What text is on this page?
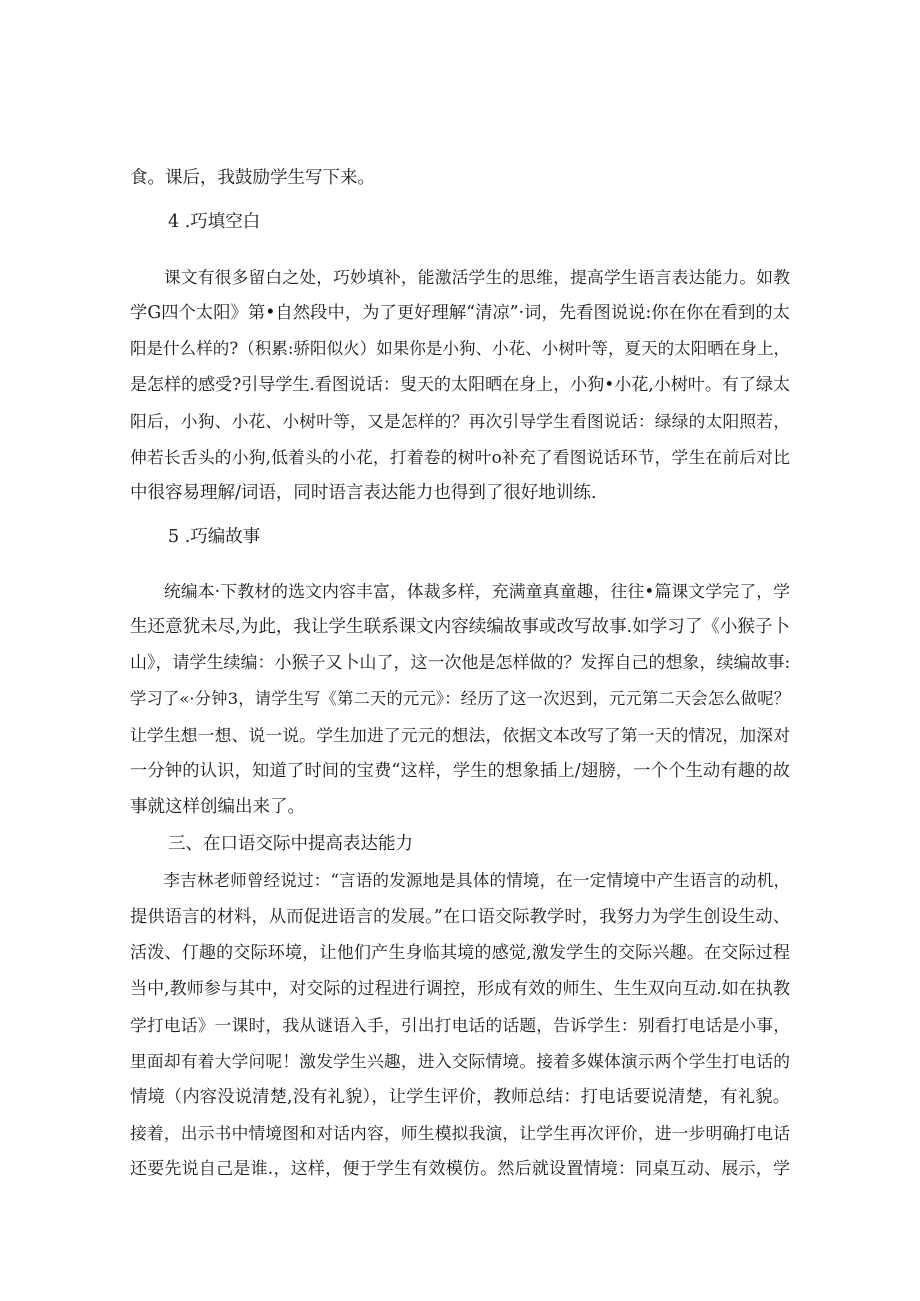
食。课后，我鼓励学生写下来。
4 .巧填空白
　　课文有很多留白之处，巧妙填补，能激活学生的思维，提高学生语言表达能力。如教
学G四个太阳》第•自然段中，为了更好理解“清凉”·词，先看图说说:你在你在看到的太
阳是什么样的?（积累:骄阳似火）如果你是小狗、小花、小树叶等，夏天的太阳晒在身上，
是怎样的感受?引导学生.看图说话：叟天的太阳晒在身上，小狗•小花,小树叶。有了绿太
阳后，小狗、小花、小树叶等，又是怎样的？再次引导学生看图说话：绿绿的太阳照若，
伸若长舌头的小狗,低着头的小花，打着卷的树叶o补充了看图说话环节，学生在前后对比
中很容易理解/词语，同时语言表达能力也得到了很好地训练.
5 .巧编故事
　　统编本·下教材的选文内容丰富，体裁多样，充满童真童趣，往往•篇课文学完了，学
生还意犹未尽,为此，我让学生联系课文内容续编故事或改写故事.如学习了《小猴子卜
山》，请学生续编：小猴子又卜山了，这一次他是怎样做的？发挥自己的想象，续编故事:
学习了«·分钟3，请学生写《第二天的元元》：经历了这一次迟到，元元第二天会怎么做呢？
让学生想一想、说一说。学生加进了元元的想法，依据文本改写了第一天的情况，加深对
一分钟的认识，知道了时间的宝费“这样，学生的想象插上/翅膀，一个个生动有趣的故
事就这样创编出来了。
三、在口语交际中提高表达能力
　　李吉林老师曾经说过：“言语的发源地是具体的情境，在一定情境中产生语言的动机，
提供语言的材料，从而促进语言的发展。”在口语交际教学时，我努力为学生创设生动、
活泼、仃趣的交际环境，让他们产生身临其境的感觉,激发学生的交际兴趣。在交际过程
当中,教师参与其中，对交际的过程进行调控，形成有效的师生、生生双向互动.如在执教
学打电话》一课时，我从谜语入手，引出打电话的话题，告诉学生：别看打电话是小事，
里面却有着大学问呢！激发学生兴趣，进入交际情境。接着多媒体演示两个学生打电话的
情境（内容没说清楚,没有礼貌），让学生评价，教师总结：打电话要说清楚，有礼貌。
接着，出示书中情境图和对话内容，师生模拟我演，让学生再次评价，进一步明确打电话
还要先说自己是谁.，这样，便于学生有效模仿。然后就设置情境：同桌互动、展示，学
